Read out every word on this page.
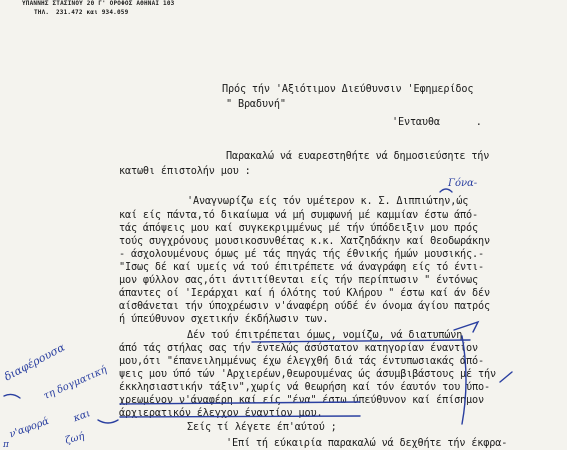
ΥΠΑΝΝΗΣ ΣΤΑΣΙΝΟΥ 20 Γ' ΟΡΟΦΟΣ ΑΘΗΝΑΙ 103
ΤΗΛ. 231.472 και 934.059
Πρός τήν 'Αξιότιμον Διεύθυνσιν 'Εφημερίδος
" Βραδυνή"
'Ενταυθα      .
Παρακαλώ νά ευαρεστηθήτε νά δημοσιεύσητε τήν
κατωθι έπιστολήν μου :
'Αναγνωρίζω είς τόν υμέτερον κ. Σ. Διππιώτην,ώς
καί είς πάντα,τό δικαίωμα νά μή συμφωνή μέ καμμίαν έστω άπό-
τάς άπόψεις μου καί συγκεκριμμένως μέ τήν ύπόδειξιν μου πρός
τούς συγχρόνους μουσικοσυνθέτας κ.κ. Χατζηδάκην καί Θεοδωράκην
- άσχολουμένους όμως μέ τάς πηγάς τής έθνικής ήμών μουσικής.-
"Ισως δέ καί υμείς νά τού έπιτρέπετε νά άναγράφη είς τό έντι-
μον φύλλον σας,ότι άντιτίθενται είς τήν περίπτωσιν " έντόνως
άπαντες οί 'Ιεράρχαι καί ή όλότης τού Κλήρου " έστω καί άν δέν
αίσθάνεται τήν ύποχρέωσιν ν'άναφέρη ούδέ έν όνομα άγίου πατρός
ή ύπεύθυνον σχετικήν έκδήλωσιν των.
Δέν τού έπιτρέπεται όμως, νομίζω, νά διατυπώνη
άπό τάς στήλας σας τήν έντελώς άσύστατον κατηγορίαν έναντίον
μου,ότι "έπανειλημμένως έχω έλεγχθή διά τάς έντυπωσιακάς άπό-
ψεις μου ύπό τών 'Αρχιερέων,θεωρουμένας ώς άσυμβιβάστους μέ τήν
έκκλησιαστικήν τάξιν",χωρίς νά θεωρήση καί τόν έαυτόν του ύπο-
χρεωμένον ν'άναφέρη καί είς "ένα" έστω ύπεύθυνον καί έπίσημον
άρχιερατικόν έλεγχον έναντίον μου.
Σείς τί λέγετε έπ'αύτού ;
'Επί τή εύκαιρία παρακαλώ νά δεχθήτε τήν έκφρα-
Γόνα-
διαφέρουσα
τη δογματική
ν'αφορά και
π	ζωή
